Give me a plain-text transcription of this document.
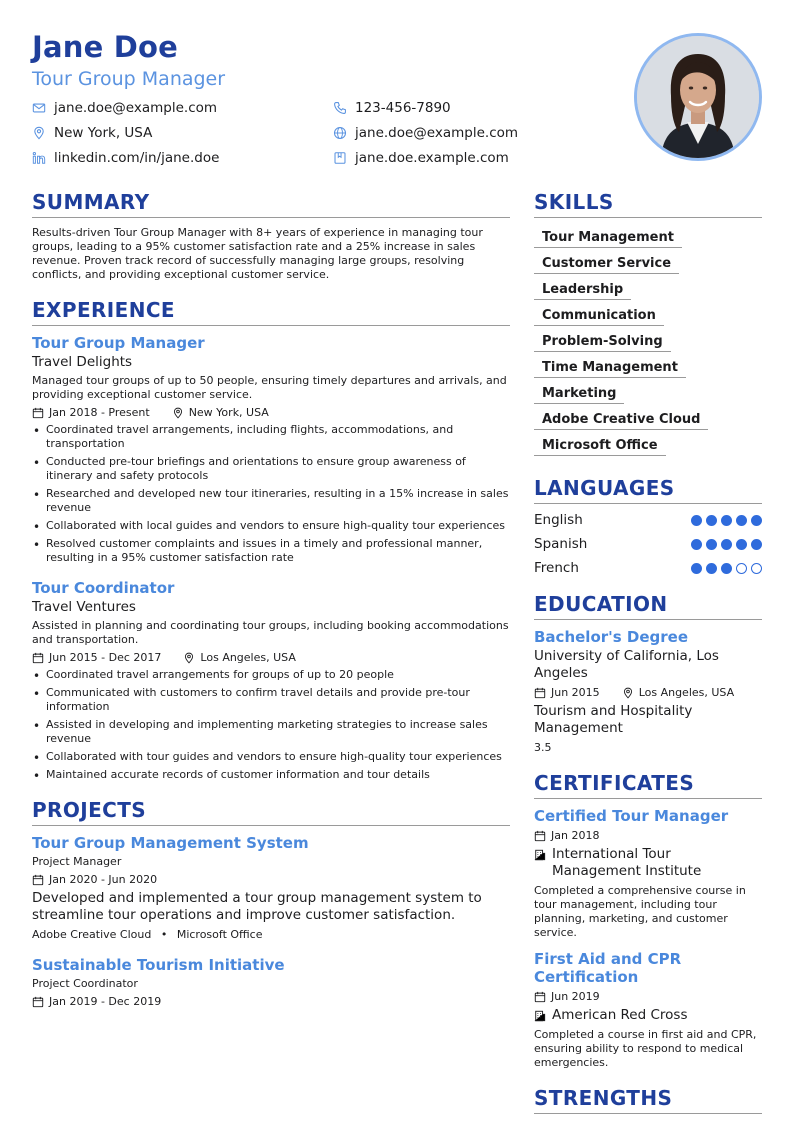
Jane Doe
Tour Group Manager
jane.doe@example.com
New York, USA
linkedin.com/in/jane.doe
123-456-7890
jane.doe@example.com
jane.doe.example.com
SUMMARY

Results-driven Tour Group Manager with 8+ years of experience in managing tour groups, leading to a 95% customer satisfaction rate and a 25% increase in sales revenue. Proven track record of successfully managing large groups, resolving conflicts, and providing exceptional customer service.

EXPERIENCE
Tour Group Manager
Travel Delights

Managed tour groups of up to 50 people, ensuring timely departures and arrivals, and providing exceptional customer service.

Jan 2018 - Present	New York, USA
• Coordinated travel arrangements, including flights, accommodations, and transportation
• Conducted pre-tour briefings and orientations to ensure group awareness of itinerary and safety protocols
• Researched and developed new tour itineraries, resulting in a 15% increase in sales revenue
• Collaborated with local guides and vendors to ensure high-quality tour experiences
• Resolved customer complaints and issues in a timely and professional manner, resulting in a 95% customer satisfaction rate
Tour Coordinator
Travel Ventures

Assisted in planning and coordinating tour groups, including booking accommodations and transportation.

Jun 2015 - Dec 2017	Los Angeles, USA
• Coordinated travel arrangements for groups of up to 20 people
• Communicated with customers to confirm travel details and provide pre-tour information
• Assisted in developing and implementing marketing strategies to increase sales revenue
• Collaborated with tour guides and vendors to ensure high-quality tour experiences
• Maintained accurate records of customer information and tour details
PROJECTS
Tour Group Management System
Project Manager
Jan 2020 - Jun 2020
Developed and implemented a tour group management system to streamline tour operations and improve customer satisfaction.
Adobe Creative Cloud • Microsoft Office
Sustainable Tourism Initiative
Project Coordinator
Jan 2019 - Dec 2019
SKILLS
Tour Management
Customer Service
LeadershipCommunication
Problem-Solving
Time Management
Marketing
Adobe Creative Cloud
Microsoft Office
LANGUAGES
English
Spanish
French
EDUCATION
Bachelor's Degree
University of California, Los Angeles
Jun 2015	Los Angeles, USA
Tourism and Hospitality Management
3.5
CERTIFICATES
Certified Tour Manager
Jan 2018
International Tour Management Institute

Completed a comprehensive course in tour management, including tour planning, marketing, and customer service.

First Aid and CPR Certification
Jun 2019
American Red Cross

Completed a course in first aid and CPR, ensuring ability to respond to medical emergencies.

STRENGTHS
